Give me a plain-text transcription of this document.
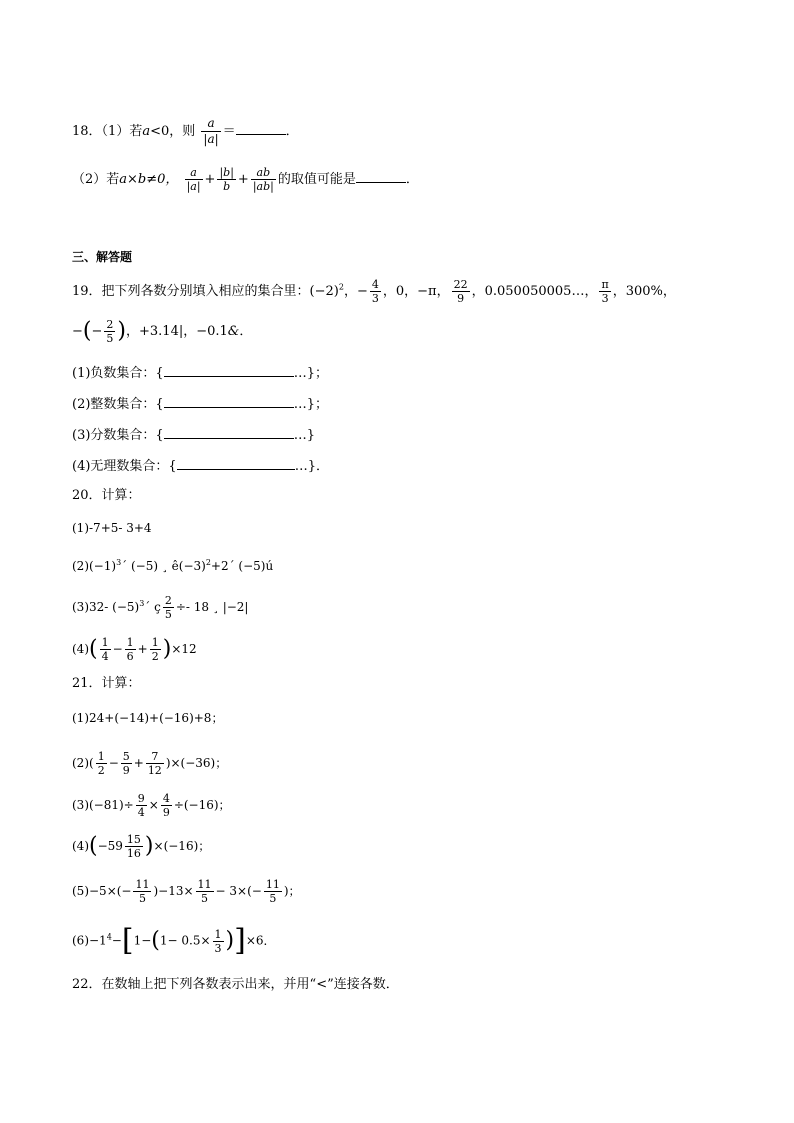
18．（1）若a<0，则 $\frac{a}{|a|}$ ＝	．
（2）若a×b≠0， $\frac{a}{|a|} + \frac{|b|}{b} + \frac{ab}{|ab|}$ 的取值可能是	．
三、解答题
19．把下列各数分别填入相应的集合里：$(-2)^2$，− $\frac{4}{3}$ ，0，−π， $\frac{22}{9}$ ，0.050050005…， $\frac{\pi}{3}$ ，300%，
−(− $\frac{2}{5}$ )，+3.14|，−0.1&．
(1)负数集合：{	…}；
(2)整数集合：{	…}；
(3)分数集合：{	…}
(4)无理数集合：{	…}．
20．计算：
(1)-7+5- 3+4
$(2)(-1)^3´$ (−5) ¸ $ê(-3)^2+2´$ (−5)ú
(3)32- $(-5)^3´$ ç $\frac{2}{5} \div- 18$ ¸ |−2|
$(4)( \frac{1}{4} - \frac{1}{6} + \frac{1}{2} )\times 12$
21．计算：
(1)24+(−14)+(−16)+8；
$(2)( \frac{1}{2} - \frac{5}{9} + \frac{7}{12} )\times(-36)$；
$(3)(-81)\div \frac{9}{4} \times \frac{4}{9} \div(-16)$；
$(4)(-59 \frac{15}{16} )\times(-16)$；
$(5)-5\times(- \frac{11}{5} )-13\times \frac{11}{5} - 3\times(- \frac{11}{5}$ )；
$(6)-1^4-[1-(1- 0.5\times \frac{1}{3} )]\times 6$．
22．在数轴上把下列各数表示出来，并用“<”连接各数．
